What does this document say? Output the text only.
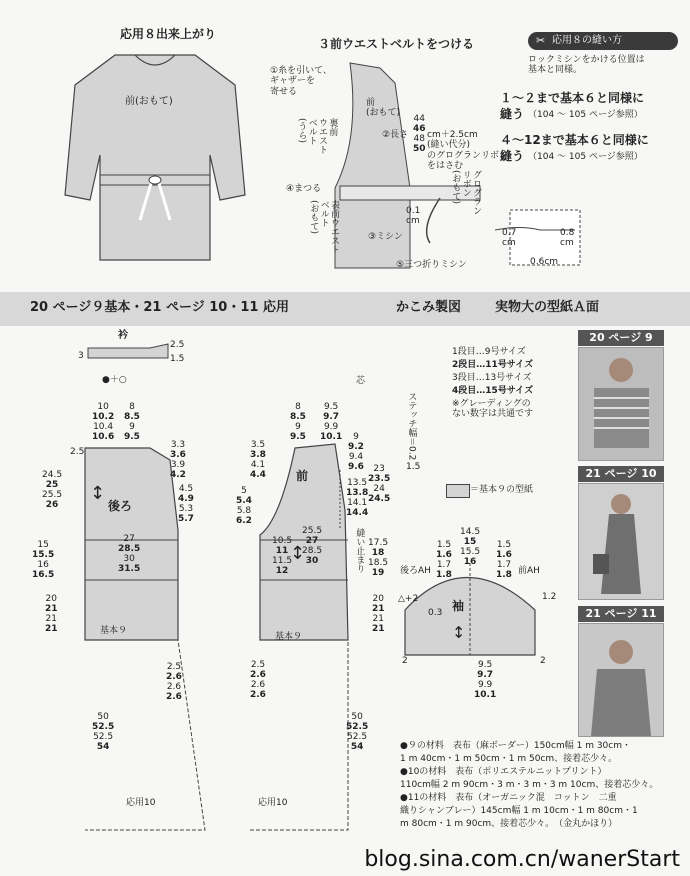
応用８出来上がり
前(おもて)
３前ウエストベルトをつける
①糸を引いて、
ギャザーを
寄せる
裏前
ウエスト
ベルト
(うら)
前
(おもて)
②長さ
44
46
48
50
cm＋2.5cm
(縫い代分)
のグログランリボン
をはさむ
④まつる
表前ウエスト
ベルト
(おもて)
グログラン
リボン
(おもて)
0.1
cm
③ミシン
⑤三つ折りミシン
✂ 応用８の縫い方
ロックミシンをかける位置は
基本と同様。
１～２まで基本６と同様に
縫う （104 ～ 105 ページ参照）
４～12まで基本６と同様に
縫う （104 ～ 105 ページ参照）
0.7
cm
0.8
cm
0.6cm
20 ページ９基本・21 ページ 10・11 応用	かこみ製図	実物大の型紙Ａ面
衿
3
2.5
1.5
●＋○
後ろ
↕
基本９
応用10
10
10.2
10.4
10.6
8
8.5
9
9.5
2.5
3.3
3.6
3.9
4.2
4.5
4.9
5.3
5.7
24.5
25
25.5
26
15
15.5
16
16.5
27
28.5
30
31.5
20
21
21
21
2.5
2.6
2.6
2.6
50
52.5
52.5
54
前
↕
基本９
応用10
芯
8
8.5
9
9.5
9.5
9.7
9.9
10.1
3.5
3.8
4.1
4.4
9
9.2
9.4
9.6
5
5.4
5.8
6.2
13.5
13.8
14.1
14.4
23
23.5
24
24.5
25.5
27
28.5
30
10.5
11
11.5
12	縫い止まり 17.5
18
18.5
19
20
21
21
21
2.5
2.6
2.6
2.6
50
52.5
52.5
54
1段目…9号サイズ
2段目…11号サイズ
3段目…13号サイズ
4段目…15号サイズ
※グレーディングの
ない数字は共通です
ステッチ幅＝0.2
1.5
＝基本９の型紙
袖
↕
後ろAH	前AH
14.5
15
15.5
16
1.5
1.6
1.7
1.8
1.5
1.6
1.7
1.8
△+2
0.3
1.2
2	2
9.5
9.7
9.9
10.1
20 ページ 9
21 ページ 10
21 ページ 11

●９の材料　表布（麻ボーダー）150cm幅 1 m 30cm・

1 m 40cm・1 m 50cm・1 m 50cm、接着芯少々。

●10の材料　表布（ポリエステルニットプリント）

110cm幅 2 m 90cm・3 m・3 m・3 m 10cm、接着芯少々。

●11の材料　表布（オーガニック混　コットン　二重

織りシャンブレー）145cm幅 1 m 10cm・1 m 80cm・1

m 80cm・1 m 90cm、接着芯少々。　（金丸かほり）

blog.sina.com.cn/wanerStart
